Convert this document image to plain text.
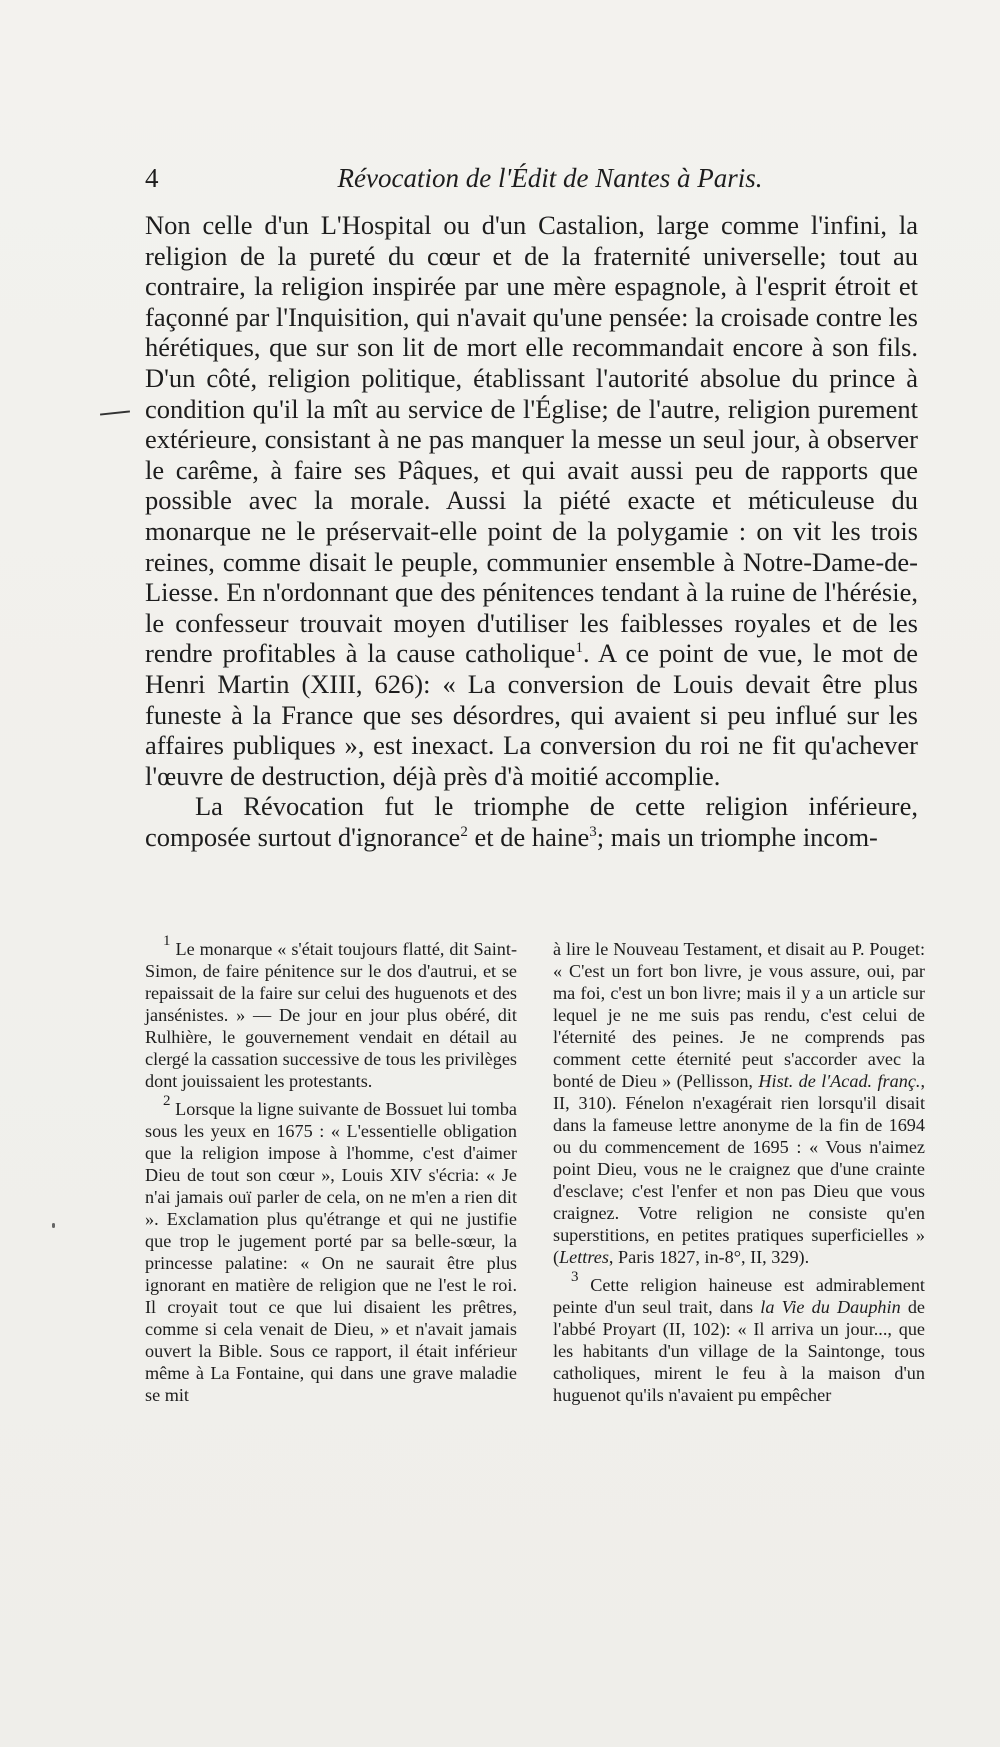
4	Révocation de l'Édit de Nantes à Paris.

Non celle d'un L'Hospital ou d'un Castalion, large comme l'infini, la religion de la pureté du cœur et de la fraternité universelle; tout au contraire, la religion inspirée par une mère espagnole, à l'esprit étroit et façonné par l'Inquisition, qui n'avait qu'une pensée: la croisade contre les hérétiques, que sur son lit de mort elle recommandait encore à son fils. D'un côté, religion politique, établissant l'autorité absolue du prince à condition qu'il la mît au service de l'Église; de l'autre, religion purement extérieure, consistant à ne pas manquer la messe un seul jour, à observer le carême, à faire ses Pâques, et qui avait aussi peu de rapports que possible avec la morale. Aussi la piété exacte et méticuleuse du monarque ne le préservait-elle point de la polygamie : on vit les trois reines, comme disait le peuple, communier ensemble à Notre-Dame-de-Liesse. En n'ordonnant que des pénitences tendant à la ruine de l'hérésie, le confesseur trouvait moyen d'utiliser les faiblesses royales et de les rendre profitables à la cause catholique$^1$. A ce point de vue, le mot de Henri Martin (XIII, 626): « La conversion de Louis devait être plus funeste à la France que ses désordres, qui avaient si peu influé sur les affaires publiques », est inexact. La conversion du roi ne fit qu'achever l'œuvre de destruction, déjà près d'à moitié accomplie.

La Révocation fut le triomphe de cette religion inférieure, composée surtout d'ignorance$^2$ et de haine$^3$; mais un triomphe incom-

$^1$ Le monarque « s'était toujours flatté, dit Saint-Simon, de faire pénitence sur le dos d'autrui, et se repaissait de la faire sur celui des huguenots et des jansénistes. » — De jour en jour plus obéré, dit Rulhière, le gouvernement vendait en détail au clergé la cassation successive de tous les privilèges dont jouissaient les protestants.

$^2$ Lorsque la ligne suivante de Bossuet lui tomba sous les yeux en 1675 : « L'essentielle obligation que la religion impose à l'homme, c'est d'aimer Dieu de tout son cœur », Louis XIV s'écria: « Je n'ai jamais ouï parler de cela, on ne m'en a rien dit ». Exclamation plus qu'étrange et qui ne justifie que trop le jugement porté par sa belle-sœur, la princesse palatine: « On ne saurait être plus ignorant en matière de religion que ne l'est le roi. Il croyait tout ce que lui disaient les prêtres, comme si cela venait de Dieu, » et n'avait jamais ouvert la Bible. Sous ce rapport, il était inférieur même à La Fontaine, qui dans une grave maladie se mit

à lire le Nouveau Testament, et disait au P. Pouget: « C'est un fort bon livre, je vous assure, oui, par ma foi, c'est un bon livre; mais il y a un article sur lequel je ne me suis pas rendu, c'est celui de l'éternité des peines. Je ne comprends pas comment cette éternité peut s'accorder avec la bonté de Dieu » (Pellisson, Hist. de l'Acad. franç., II, 310). Fénelon n'exagérait rien lorsqu'il disait dans la fameuse lettre anonyme de la fin de 1694 ou du commencement de 1695 : « Vous n'aimez point Dieu, vous ne le craignez que d'une crainte d'esclave; c'est l'enfer et non pas Dieu que vous craignez. Votre religion ne consiste qu'en superstitions, en petites pratiques superficielles » (Lettres, Paris 1827, in-8°, II, 329).

$^3$ Cette religion haineuse est admirablement peinte d'un seul trait, dans la Vie du Dauphin de l'abbé Proyart (II, 102): « Il arriva un jour..., que les habitants d'un village de la Saintonge, tous catholiques, mirent le feu à la maison d'un huguenot qu'ils n'avaient pu empêcher
